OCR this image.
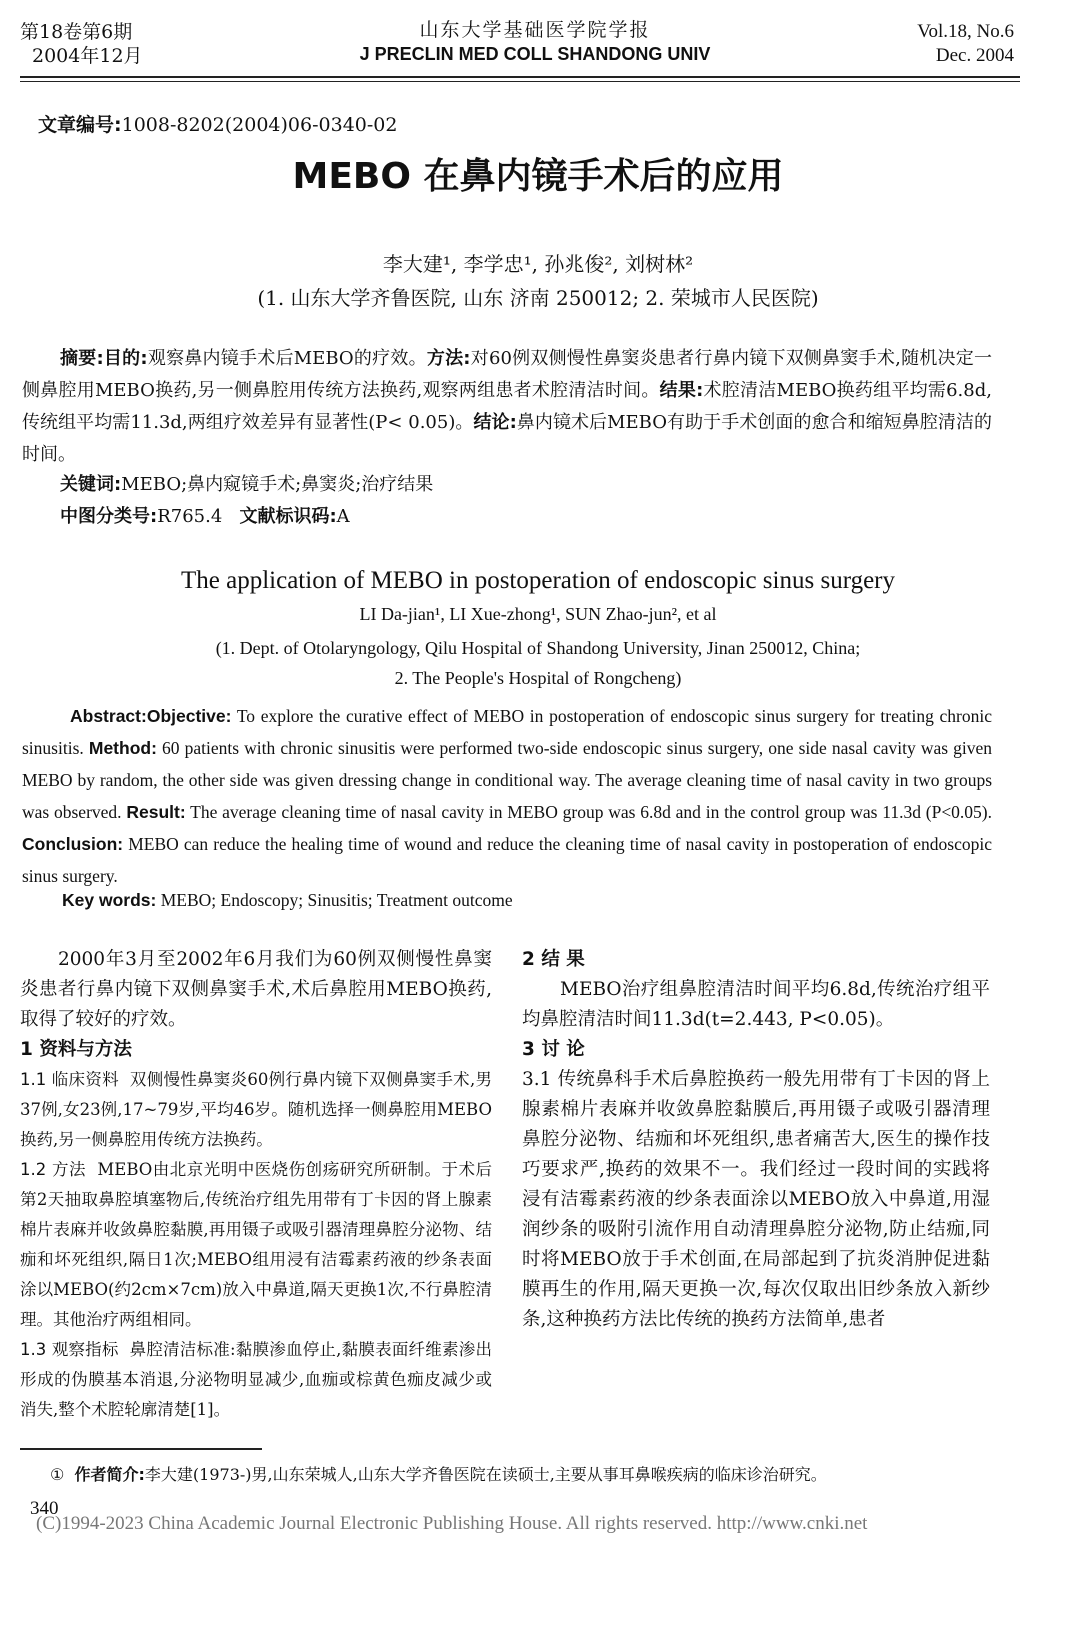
第18卷第6期
2004年12月
山东大学基础医学院学报
J PRECLIN MED COLL SHANDONG UNIV
Vol.18, No.6
Dec. 2004
文章编号:1008-8202(2004)06-0340-02
MEBO 在鼻内镜手术后的应用
李大建¹, 李学忠¹, 孙兆俊², 刘树林²
(1. 山东大学齐鲁医院, 山东 济南 250012; 2. 荣城市人民医院)
摘要:目的:观察鼻内镜手术后MEBO的疗效。方法:对60例双侧慢性鼻窦炎患者行鼻内镜下双侧鼻窦手术,随机决定一侧鼻腔用MEBO换药,另一侧鼻腔用传统方法换药,观察两组患者术腔清洁时间。结果:术腔清洁MEBO换药组平均需6.8d,传统组平均需11.3d,两组疗效差异有显著性(P< 0.05)。结论:鼻内镜术后MEBO有助于手术创面的愈合和缩短鼻腔清洁的时间。
关键词:MEBO;鼻内窥镜手术;鼻窦炎;治疗结果
中图分类号:R765.4 文献标识码:A
The application of MEBO in postoperation of endoscopic sinus surgery
LI Da-jian¹, LI Xue-zhong¹, SUN Zhao-jun², et al
(1. Dept. of Otolaryngology, Qilu Hospital of Shandong University, Jinan 250012, China;
2. The People's Hospital of Rongcheng)
Abstract:Objective: To explore the curative effect of MEBO in postoperation of endoscopic sinus surgery for treating chronic sinusitis. Method: 60 patients with chronic sinusitis were performed two-side endoscopic sinus surgery, one side nasal cavity was given MEBO by random, the other side was given dressing change in conditional way. The average cleaning time of nasal cavity in two groups was observed. Result: The average cleaning time of nasal cavity in MEBO group was 6.8d and in the control group was 11.3d (P<0.05). Conclusion: MEBO can reduce the healing time of wound and reduce the cleaning time of nasal cavity in postoperation of endoscopic sinus surgery.
Key words: MEBO; Endoscopy; Sinusitis; Treatment outcome

2000年3月至2002年6月我们为60例双侧慢性鼻窦炎患者行鼻内镜下双侧鼻窦手术,术后鼻腔用MEBO换药,取得了较好的疗效。

1 资料与方法

1.1 临床资料 双侧慢性鼻窦炎60例行鼻内镜下双侧鼻窦手术,男37例,女23例,17~79岁,平均46岁。随机选择一侧鼻腔用MEBO换药,另一侧鼻腔用传统方法换药。

1.2 方法 MEBO由北京光明中医烧伤创疡研究所研制。于术后第2天抽取鼻腔填塞物后,传统治疗组先用带有丁卡因的肾上腺素棉片表麻并收敛鼻腔黏膜,再用镊子或吸引器清理鼻腔分泌物、结痂和坏死组织,隔日1次;MEBO组用浸有洁霉素药液的纱条表面涂以MEBO(约2cm×7cm)放入中鼻道,隔天更换1次,不行鼻腔清理。其他治疗两组相同。

1.3 观察指标 鼻腔清洁标准:黏膜渗血停止,黏膜表面纤维素渗出形成的伪膜基本消退,分泌物明显减少,血痂或棕黄色痂皮减少或消失,整个术腔轮廓清楚[1]。

2 结 果

MEBO治疗组鼻腔清洁时间平均6.8d,传统治疗组平均鼻腔清洁时间11.3d(t=2.443, P<0.05)。

3 讨 论

3.1 传统鼻科手术后鼻腔换药一般先用带有丁卡因的肾上腺素棉片表麻并收敛鼻腔黏膜后,再用镊子或吸引器清理鼻腔分泌物、结痂和坏死组织,患者痛苦大,医生的操作技巧要求严,换药的效果不一。我们经过一段时间的实践将浸有洁霉素药液的纱条表面涂以MEBO放入中鼻道,用湿润纱条的吸附引流作用自动清理鼻腔分泌物,防止结痂,同时将MEBO放于手术创面,在局部起到了抗炎消肿促进黏膜再生的作用,隔天更换一次,每次仅取出旧纱条放入新纱条,这种换药方法比传统的换药方法简单,患者

① 作者简介:李大建(1973-)男,山东荣城人,山东大学齐鲁医院在读硕士,主要从事耳鼻喉疾病的临床诊治研究。
340
(C)1994-2023 China Academic Journal Electronic Publishing House. All rights reserved. http://www.cnki.net
